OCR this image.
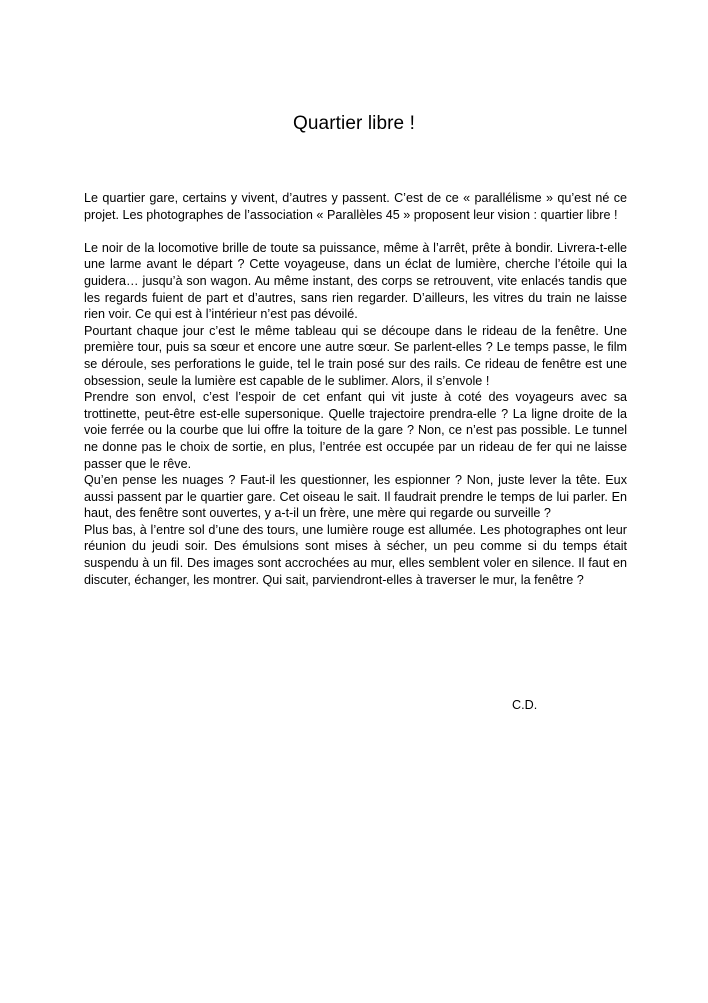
Quartier libre !

Le quartier gare, certains y vivent, d’autres y passent. C’est de ce « parallélisme » qu’est né ce projet. Les photographes de l’association « Parallèles 45 » proposent leur vision : quartier libre !

Le noir de la locomotive brille de toute sa puissance, même à l’arrêt, prête à bondir. Livrera-t-elle une larme avant le départ ? Cette voyageuse, dans un éclat de lumière, cherche l’étoile qui la guidera… jusqu’à son wagon. Au même instant, des corps se retrouvent, vite enlacés tandis que les regards fuient de part et d’autres, sans rien regarder. D’ailleurs, les vitres du train ne laisse rien voir. Ce qui est à l’intérieur n’est pas dévoilé.

Pourtant chaque jour c’est le même tableau qui se découpe dans le rideau de la fenêtre. Une première tour, puis sa sœur et encore une autre sœur. Se parlent-elles ? Le temps passe, le film se déroule, ses perforations le guide, tel le train posé sur des rails. Ce rideau de fenêtre est une obsession, seule la lumière est capable de le sublimer. Alors, il s’envole !

Prendre son envol, c’est l’espoir de cet enfant qui vit juste à coté des voyageurs avec sa trottinette, peut-être est-elle supersonique. Quelle trajectoire prendra-elle ? La ligne droite de la voie ferrée ou la courbe que lui offre la toiture de la gare ? Non, ce n’est pas possible. Le tunnel ne donne pas le choix de sortie, en plus, l’entrée est occupée par un rideau de fer qui ne laisse passer que le rêve.

Qu’en pense les nuages ? Faut-il les questionner, les espionner ? Non, juste lever la tête. Eux aussi passent par le quartier gare. Cet oiseau le sait. Il faudrait prendre le temps de lui parler. En haut, des fenêtre sont ouvertes, y a-t-il un frère, une mère qui regarde ou surveille ?

Plus bas, à l’entre sol d’une des tours, une lumière rouge est allumée. Les photographes ont leur réunion du jeudi soir. Des émulsions sont mises à sécher, un peu comme si du temps était suspendu à un fil. Des images sont accrochées au mur, elles semblent voler en silence. Il faut en discuter, échanger, les montrer. Qui sait, parviendront-elles à traverser le mur, la fenêtre ?

C.D.
